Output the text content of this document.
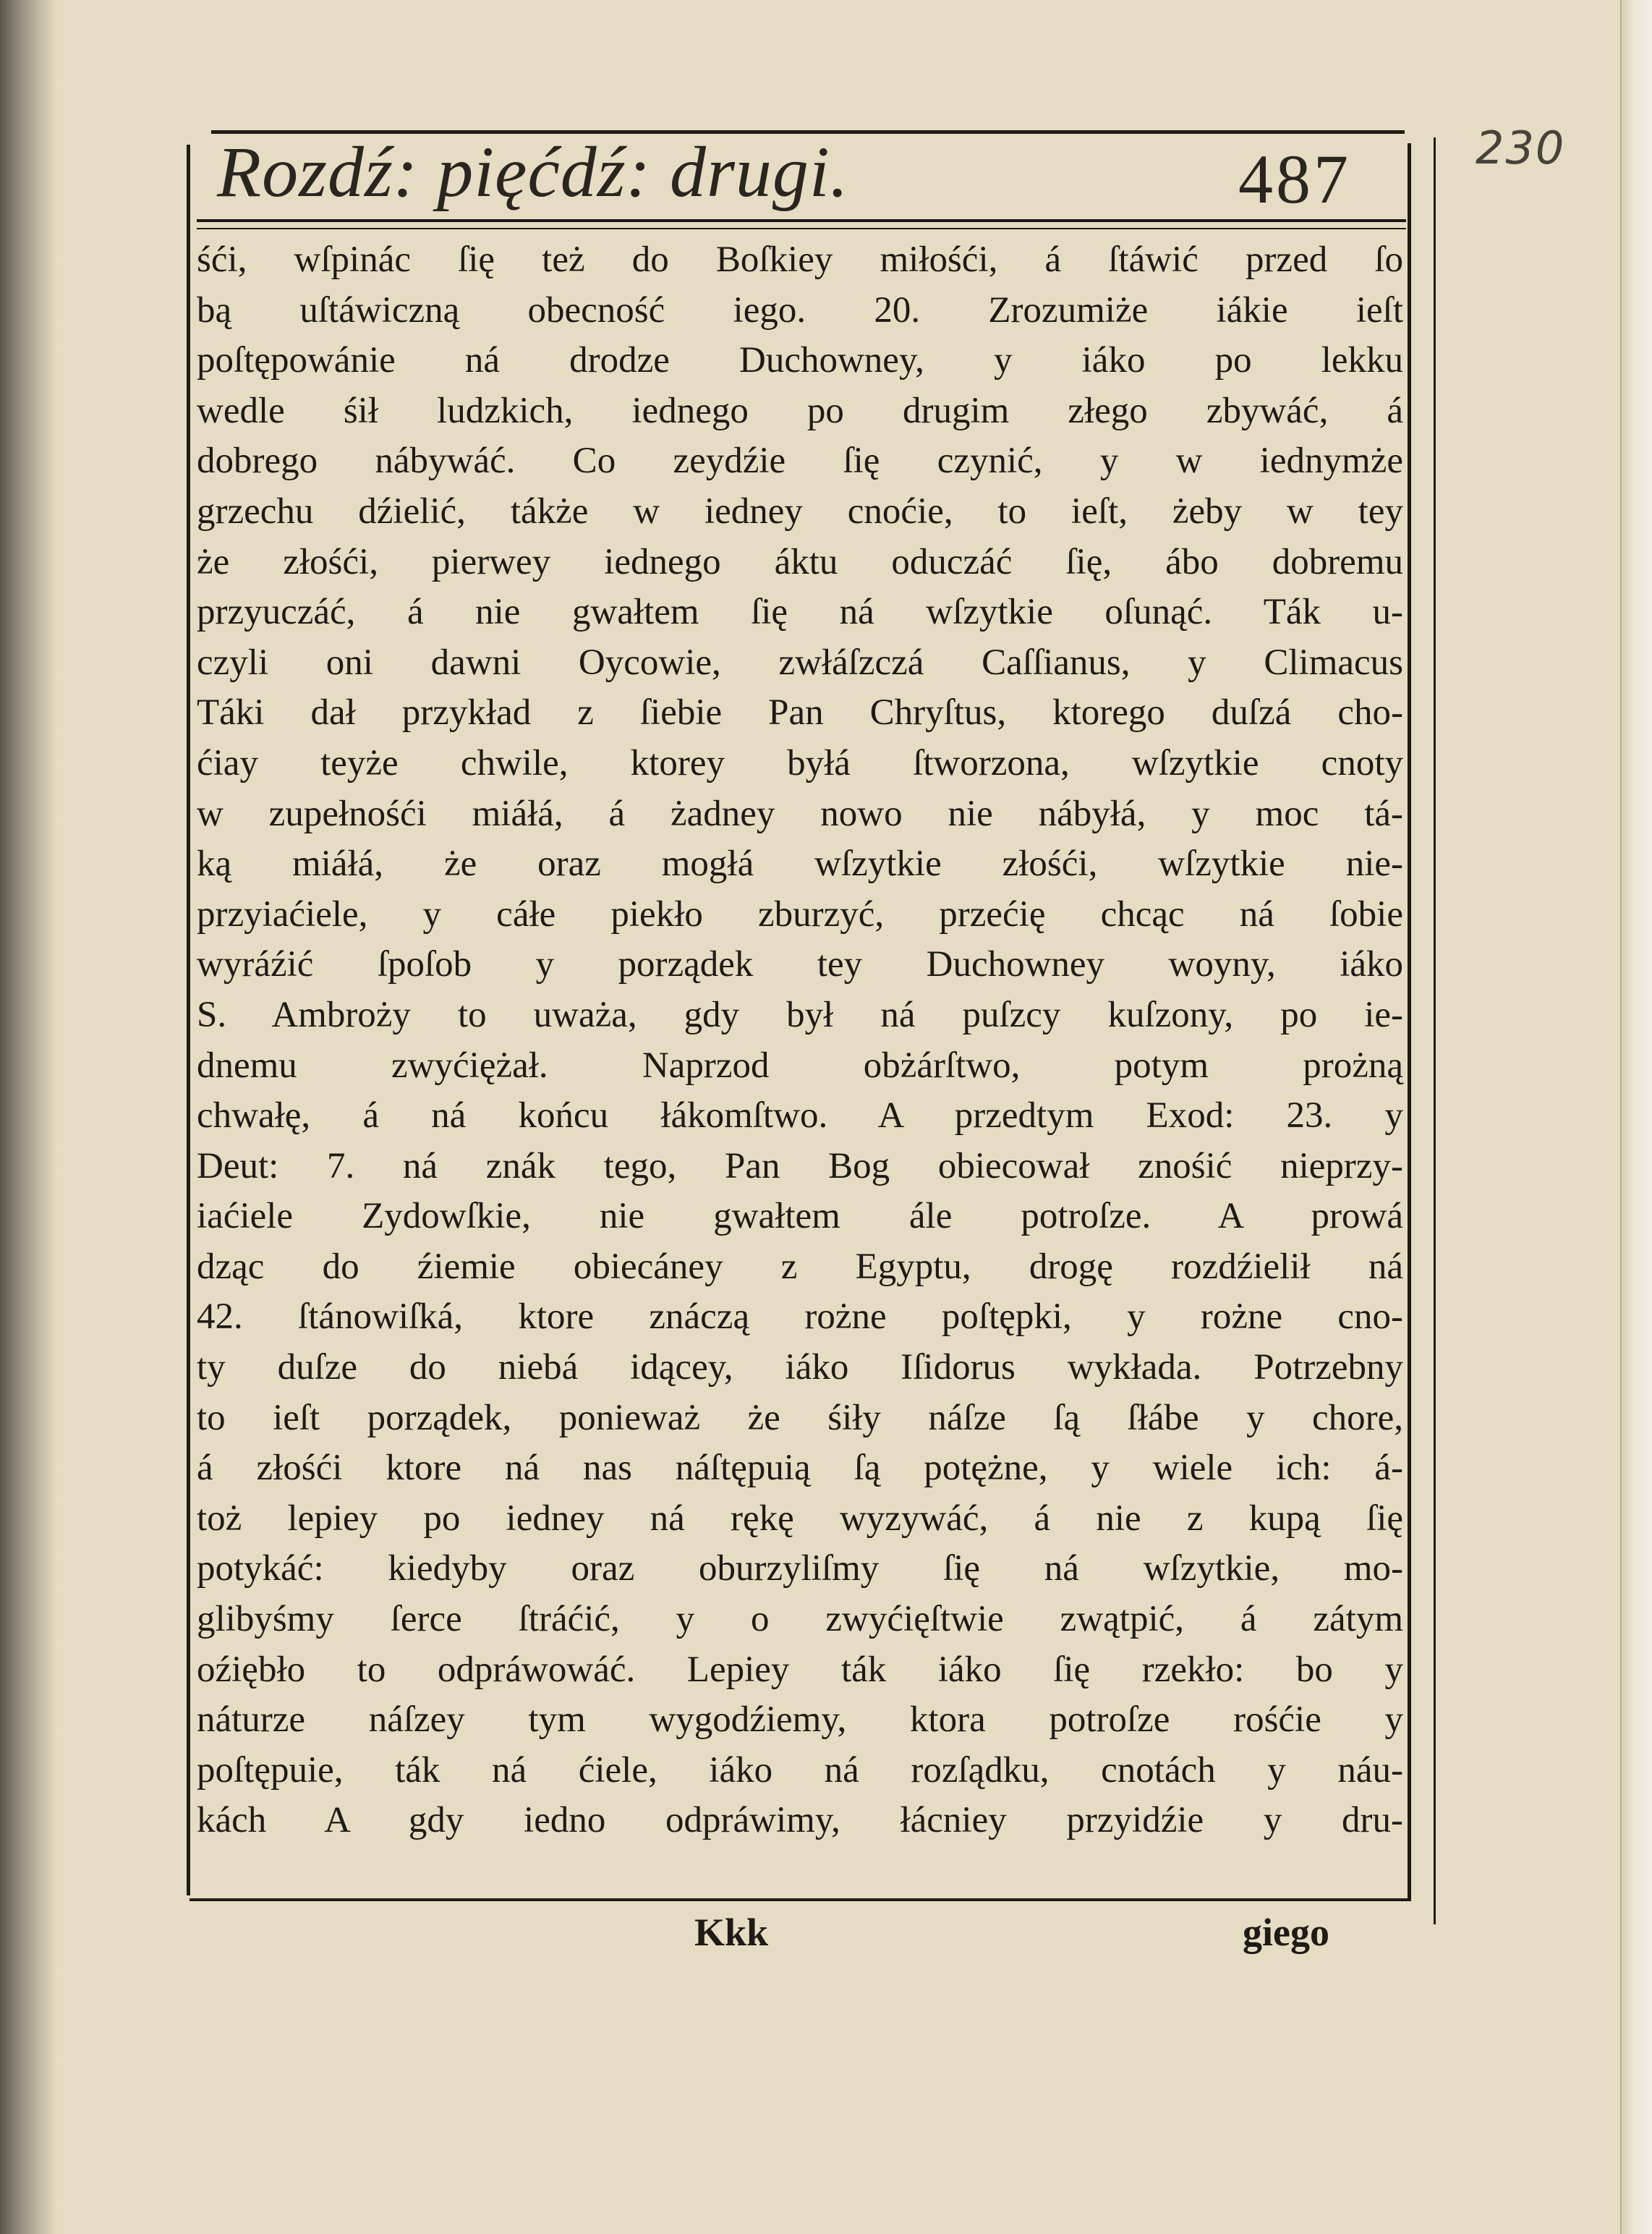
230
Rozdź: pięćdź: drugi.	487
śći, wſpinác ſię też do Boſkiey miłośći, á ſtáwić przed ſo
bą uſtáwiczną obecność iego. 20. Zrozumiże iákie ieſt
poſtępowánie ná drodze Duchowney, y iáko po lekku
wedle śił ludzkich, iednego po drugim złego zbywáć, á
dobrego nábywáć. Co zeydźie ſię czynić, y w iednymże
grzechu dźielić, tákże w iedney cnoćie, to ieſt, żeby w tey
że złośći, pierwey iednego áktu oduczáć ſię, ábo dobremu
przyuczáć, á nie gwałtem ſię ná wſzytkie oſunąć. Ták u-
czyli oni dawni Oycowie, zwłáſzczá Caſſianus, y Climacus
Táki dał przykład z ſiebie Pan Chryſtus, ktorego duſzá cho-
ćiay teyże chwile, ktorey byłá ſtworzona, wſzytkie cnoty
w zupełnośći miáłá, á żadney nowo nie nábyłá, y moc tá-
ką miáłá, że oraz mogłá wſzytkie złośći, wſzytkie nie-
przyiaćiele, y cáłe piekło zburzyć, przećię chcąc ná ſobie
wyráźić ſpoſob y porządek tey Duchowney woyny, iáko
S. Ambroży to uważa, gdy był ná puſzcy kuſzony, po ie-
dnemu zwyćiężał. Naprzod obżárſtwo, potym prożną
chwałę, á ná końcu łákomſtwo. A przedtym Exod: 23. y
Deut: 7. ná znák tego, Pan Bog obiecował znośić nieprzy-
iaćiele Zydowſkie, nie gwałtem ále potroſze. A prowá
dząc do źiemie obiecáney z Egyptu, drogę rozdźielił ná
42. ſtánowiſká, ktore znáczą rożne poſtępki, y rożne cno-
ty duſze do niebá idącey, iáko Iſidorus wykłada. Potrzebny
to ieſt porządek, ponieważ że śiły náſze ſą ſłábe y chore,
á złośći ktore ná nas náſtępuią ſą potężne, y wiele ich: á-
toż lepiey po iedney ná rękę wyzywáć, á nie z kupą ſię
potykáć: kiedyby oraz oburzyliſmy ſię ná wſzytkie, mo-
glibyśmy ſerce ſtráćić, y o zwyćięſtwie zwątpić, á zátym
oźiębło to odpráwowáć. Lepiey ták iáko ſię rzekło: bo y
náturze náſzey tym wygodźiemy, ktora potroſze rośćie y
poſtępuie, ták ná ćiele, iáko ná rozſądku, cnotách y náu-
kách A gdy iedno odpráwimy, łácniey przyidźie y dru-
Kkk	giego
